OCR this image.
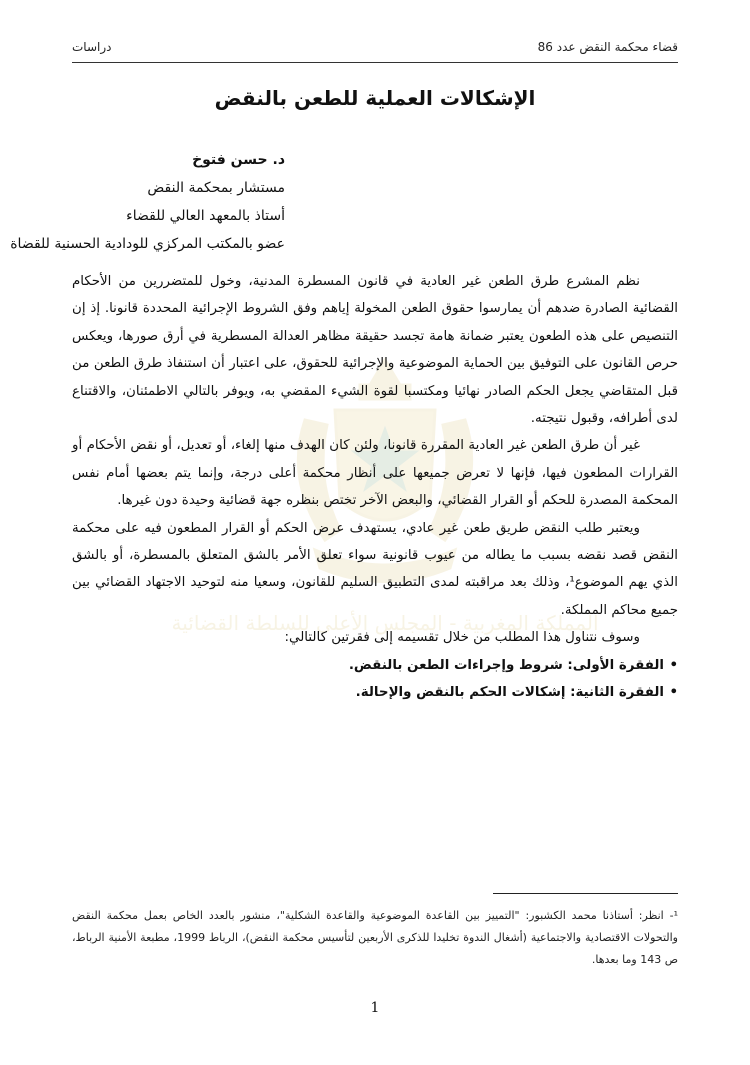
قضاء محكمة النقض عدد 86
دراسات
الإشكالات العملية للطعن بالنقض
د. حسن فتوخ
مستشار بمحكمة النقض
أستاذ بالمعهد العالي للقضاء
عضو بالمكتب المركزي للودادية الحسنية للقضاة
المملكة المغربية - المجلس الأعلى للسلطة القضائية

نظم المشرع طرق الطعن غير العادية في قانون المسطرة المدنية، وخول للمتضررين من الأحكام القضائية الصادرة ضدهم أن يمارسوا حقوق الطعن المخولة إياهم وفق الشروط الإجرائية المحددة قانونا. إذ إن التنصيص على هذه الطعون يعتبر ضمانة هامة تجسد حقيقة مظاهر العدالة المسطرية في أرق صورها، ويعكس حرص القانون على التوفيق بين الحماية الموضوعية والإجرائية للحقوق، على اعتبار أن استنفاذ طرق الطعن من قبل المتقاضي يجعل الحكم الصادر نهائيا ومكتسبا لقوة الشيء المقضي به، ويوفر بالتالي الاطمئنان، والاقتناع لدى أطرافه، وقبول نتيجته.

غير أن طرق الطعن غير العادية المقررة قانونا، ولئن كان الهدف منها إلغاء، أو تعديل، أو نقض الأحكام أو القرارات المطعون فيها، فإنها لا تعرض جميعها على أنظار محكمة أعلى درجة، وإنما يتم بعضها أمام نفس المحكمة المصدرة للحكم أو القرار القضائي، والبعض الآخر تختص بنظره جهة قضائية وحيدة دون غيرها.

ويعتبر طلب النقض طريق طعن غير عادي، يستهدف عرض الحكم أو القرار المطعون فيه على محكمة النقض قصد نقضه بسبب ما يطاله من عيوب قانونية سواء تعلق الأمر بالشق المتعلق بالمسطرة، أو بالشق الذي يهم الموضوع¹، وذلك بعد مراقبته لمدى التطبيق السليم للقانون، وسعيا منه لتوحيد الاجتهاد القضائي بين جميع محاكم المملكة.

وسوف نتناول هذا المطلب من خلال تقسيمه إلى فقرتين كالتالي:

• الفقرة الأولى: شروط وإجراءات الطعن بالنقض.
• الفقرة الثانية: إشكالات الحكم بالنقض والإحالة.
¹- انظر: أستاذنا محمد الكشبور: "التمييز بين القاعدة الموضوعية والقاعدة الشكلية"، منشور بالعدد الخاص بعمل محكمة النقض والتحولات الاقتصادية والاجتماعية (أشغال الندوة تخليدا للذكرى الأربعين لتأسيس محكمة النقض)، الرباط 1999، مطبعة الأمنية الرباط، ص 143 وما بعدها.
1
